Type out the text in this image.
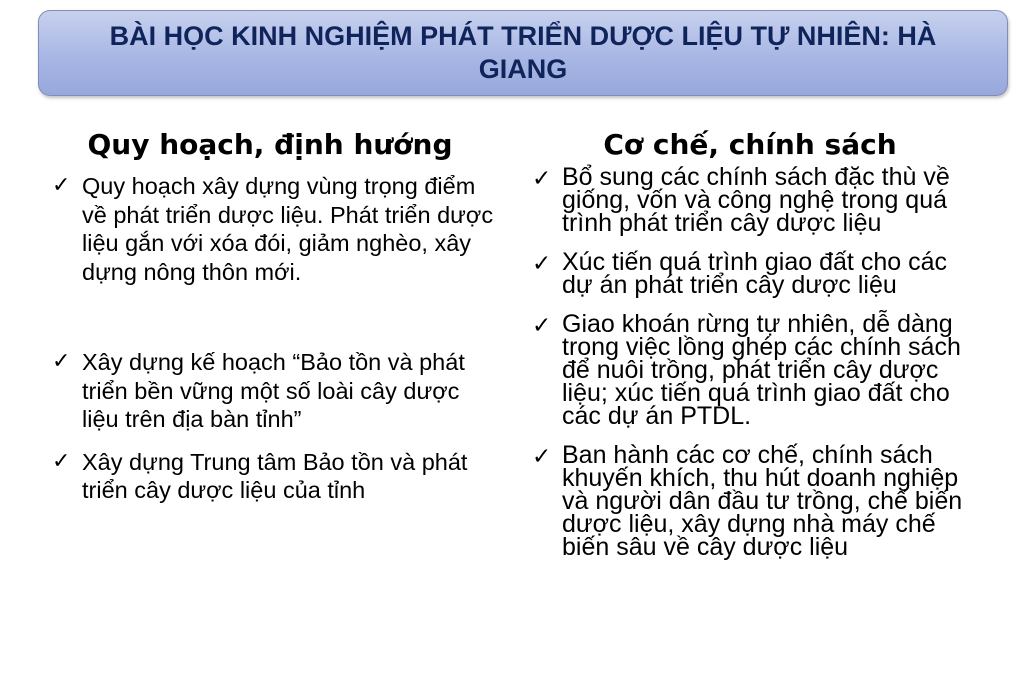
BÀI HỌC KINH NGHIỆM PHÁT TRIỂN DƯỢC LIỆU TỰ NHIÊN: HÀ GIANG
Quy hoạch, định hướng	Cơ chế, chính sách
✓ Quy hoạch xây dựng vùng trọng điểm về phát triển dược liệu. Phát triển dược liệu gắn với xóa đói, giảm nghèo, xây dựng nông thôn mới.
✓ Xây dựng kế hoạch “Bảo tồn và phát triển bền vững một số loài cây dược liệu trên địa bàn tỉnh”
✓ Xây dựng Trung tâm Bảo tồn và phát triển cây dược liệu của tỉnh
✓ Bổ sung các chính sách đặc thù về giống, vốn và công nghệ trong quá trình phát triển cây dược liệu
✓ Xúc tiến quá trình giao đất cho các dự án phát triển cây dược liệu
✓ Giao khoán rừng tự nhiên, dễ dàng trong việc lồng ghép các chính sách để nuôi trồng, phát triển cây dược liệu; xúc tiến quá trình giao đất cho các dự án PTDL.
✓ Ban hành các cơ chế, chính sách khuyến khích, thu hút doanh nghiệp và người dân đầu tư trồng, chế biến dược liệu, xây dựng nhà máy chế biến sâu về cây dược liệu
